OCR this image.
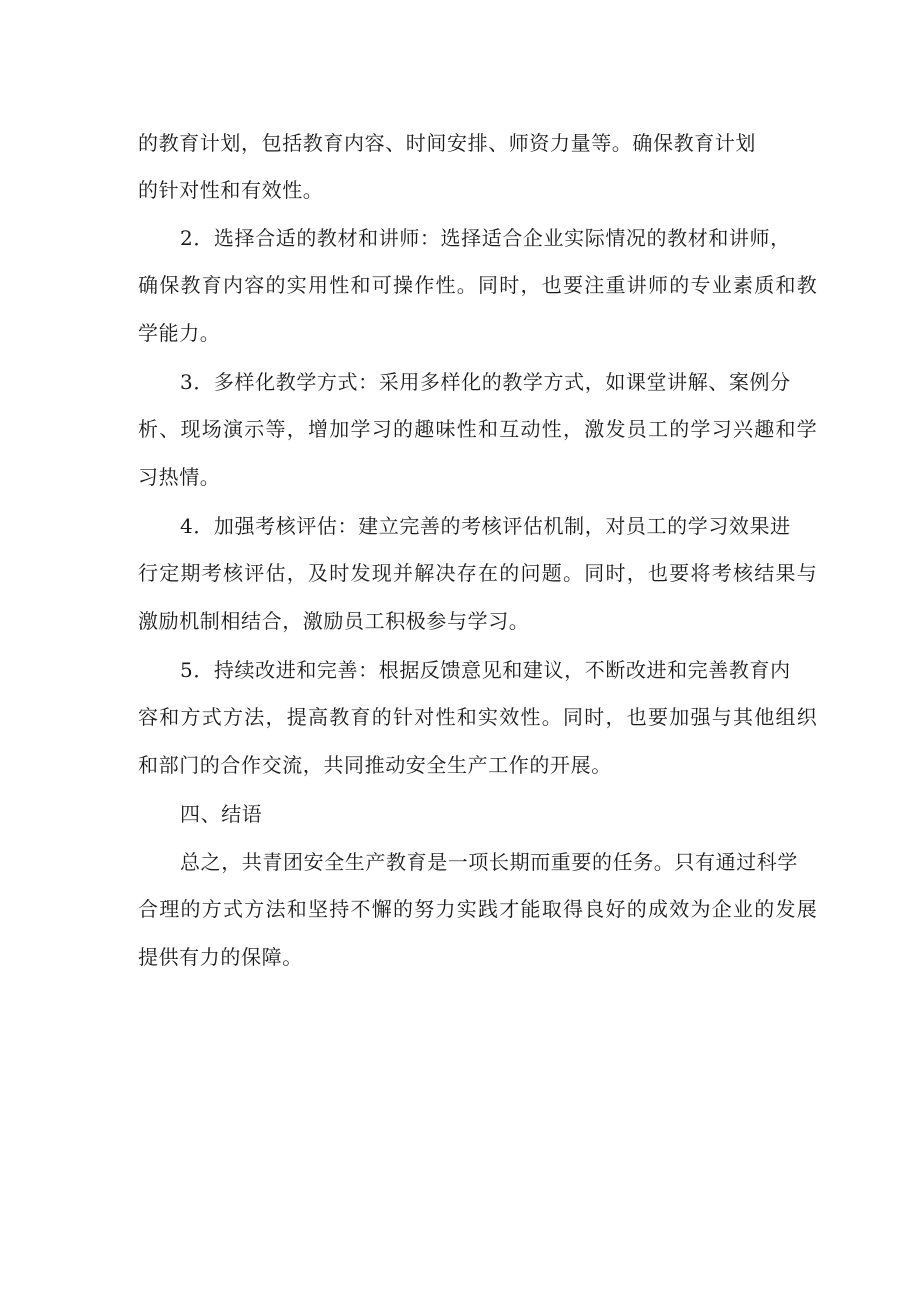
的教育计划，包括教育内容、时间安排、师资力量等。确保教育计划
的针对性和有效性。
2．选择合适的教材和讲师：选择适合企业实际情况的教材和讲师，
确保教育内容的实用性和可操作性。同时，也要注重讲师的专业素质和教
学能力。
3．多样化教学方式：采用多样化的教学方式，如课堂讲解、案例分
析、现场演示等，增加学习的趣味性和互动性，激发员工的学习兴趣和学
习热情。
4．加强考核评估：建立完善的考核评估机制，对员工的学习效果进
行定期考核评估，及时发现并解决存在的问题。同时，也要将考核结果与
激励机制相结合，激励员工积极参与学习。
5．持续改进和完善：根据反馈意见和建议，不断改进和完善教育内
容和方式方法，提高教育的针对性和实效性。同时，也要加强与其他组织
和部门的合作交流，共同推动安全生产工作的开展。
四、结语
总之，共青团安全生产教育是一项长期而重要的任务。只有通过科学
合理的方式方法和坚持不懈的努力实践才能取得良好的成效为企业的发展
提供有力的保障。
